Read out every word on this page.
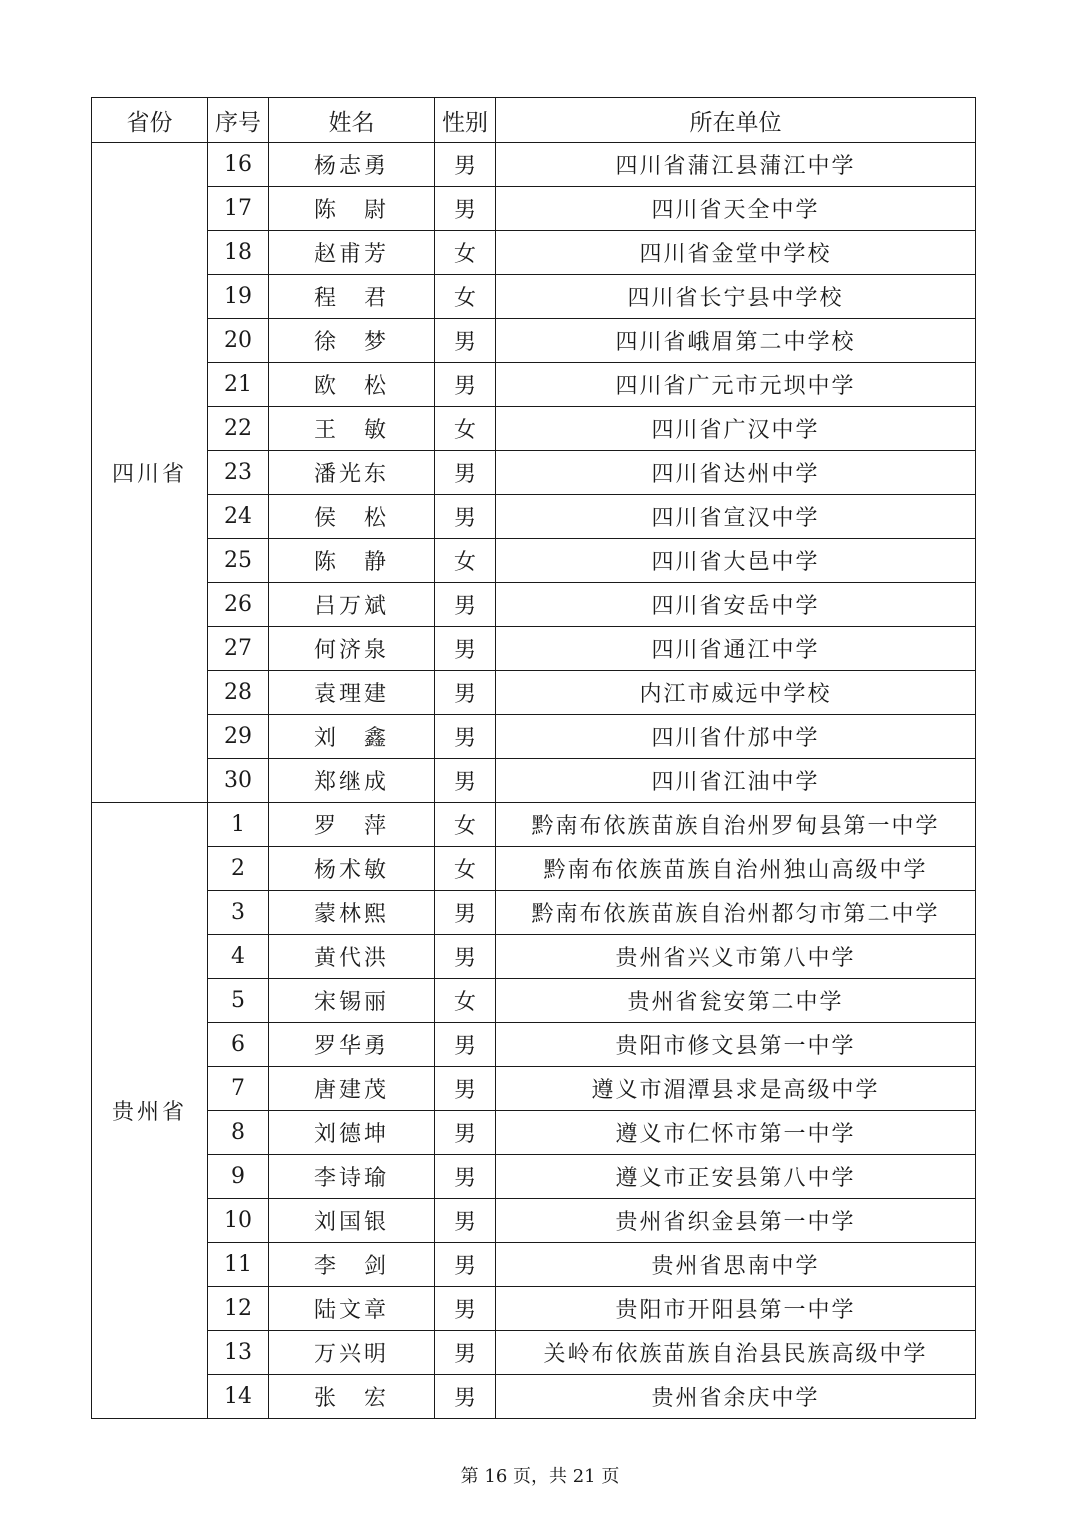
省份	序号	姓名	性别	所在单位
四川省	16	杨志勇	男	四川省蒲江县蒲江中学
	17	陈　尉	男	四川省天全中学
	18	赵甫芳	女	四川省金堂中学校
	19	程　君	女	四川省长宁县中学校
	20	徐　梦	男	四川省峨眉第二中学校
	21	欧　松	男	四川省广元市元坝中学
	22	王　敏	女	四川省广汉中学
	23	潘光东	男	四川省达州中学
	24	侯　松	男	四川省宣汉中学
	25	陈　静	女	四川省大邑中学
	26	吕万斌	男	四川省安岳中学
	27	何济泉	男	四川省通江中学
	28	袁理建	男	内江市威远中学校
	29	刘　鑫	男	四川省什邡中学
	30	郑继成	男	四川省江油中学
贵州省	1	罗　萍	女	黔南布依族苗族自治州罗甸县第一中学
	2	杨术敏	女	黔南布依族苗族自治州独山高级中学
	3	蒙林熙	男	黔南布依族苗族自治州都匀市第二中学
	4	黄代洪	男	贵州省兴义市第八中学
	5	宋锡丽	女	贵州省瓮安第二中学
	6	罗华勇	男	贵阳市修文县第一中学
	7	唐建茂	男	遵义市湄潭县求是高级中学
	8	刘德坤	男	遵义市仁怀市第一中学
	9	李诗瑜	男	遵义市正安县第八中学
	10	刘国银	男	贵州省织金县第一中学
	11	李　剑	男	贵州省思南中学
	12	陆文章	男	贵阳市开阳县第一中学
	13	万兴明	男	关岭布依族苗族自治县民族高级中学
	14	张　宏	男	贵州省余庆中学
第 16 页，共 21 页
